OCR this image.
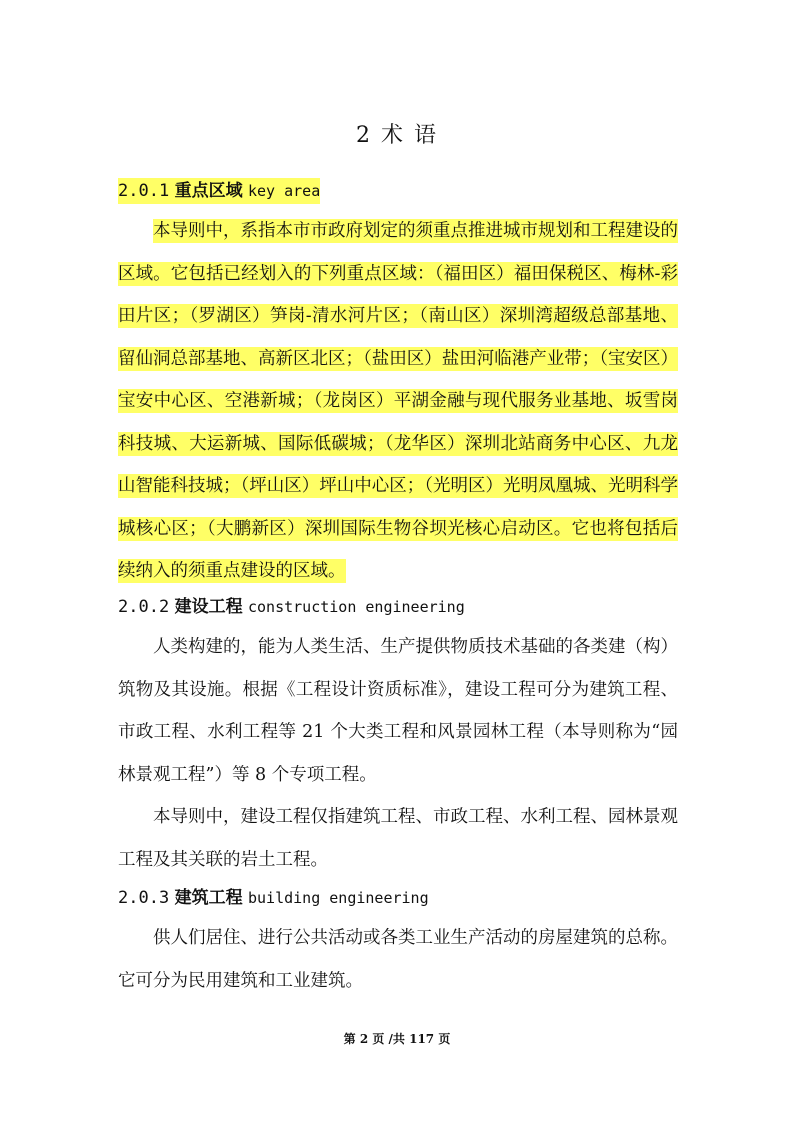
2 术 语
2.0.1 重点区域 key area

本导则中，系指本市市政府划定的须重点推进城市规划和工程建设的区域。它包括已经划入的下列重点区域：（福田区）福田保税区、梅林-彩田片区；（罗湖区）笋岗-清水河片区；（南山区）深圳湾超级总部基地、留仙洞总部基地、高新区北区；（盐田区）盐田河临港产业带；（宝安区）宝安中心区、空港新城；（龙岗区）平湖金融与现代服务业基地、坂雪岗科技城、大运新城、国际低碳城；（龙华区）深圳北站商务中心区、九龙山智能科技城；（坪山区）坪山中心区；（光明区）光明凤凰城、光明科学城核心区；（大鹏新区）深圳国际生物谷坝光核心启动区。它也将包括后续纳入的须重点建设的区域。

2.0.2 建设工程 construction engineering

人类构建的，能为人类生活、生产提供物质技术基础的各类建（构）筑物及其设施。根据《工程设计资质标准》，建设工程可分为建筑工程、市政工程、水利工程等 21 个大类工程和风景园林工程（本导则称为“园林景观工程”）等 8 个专项工程。

本导则中，建设工程仅指建筑工程、市政工程、水利工程、园林景观工程及其关联的岩土工程。

2.0.3 建筑工程 building engineering

供人们居住、进行公共活动或各类工业生产活动的房屋建筑的总称。它可分为民用建筑和工业建筑。

第 2 页 /共 117 页
